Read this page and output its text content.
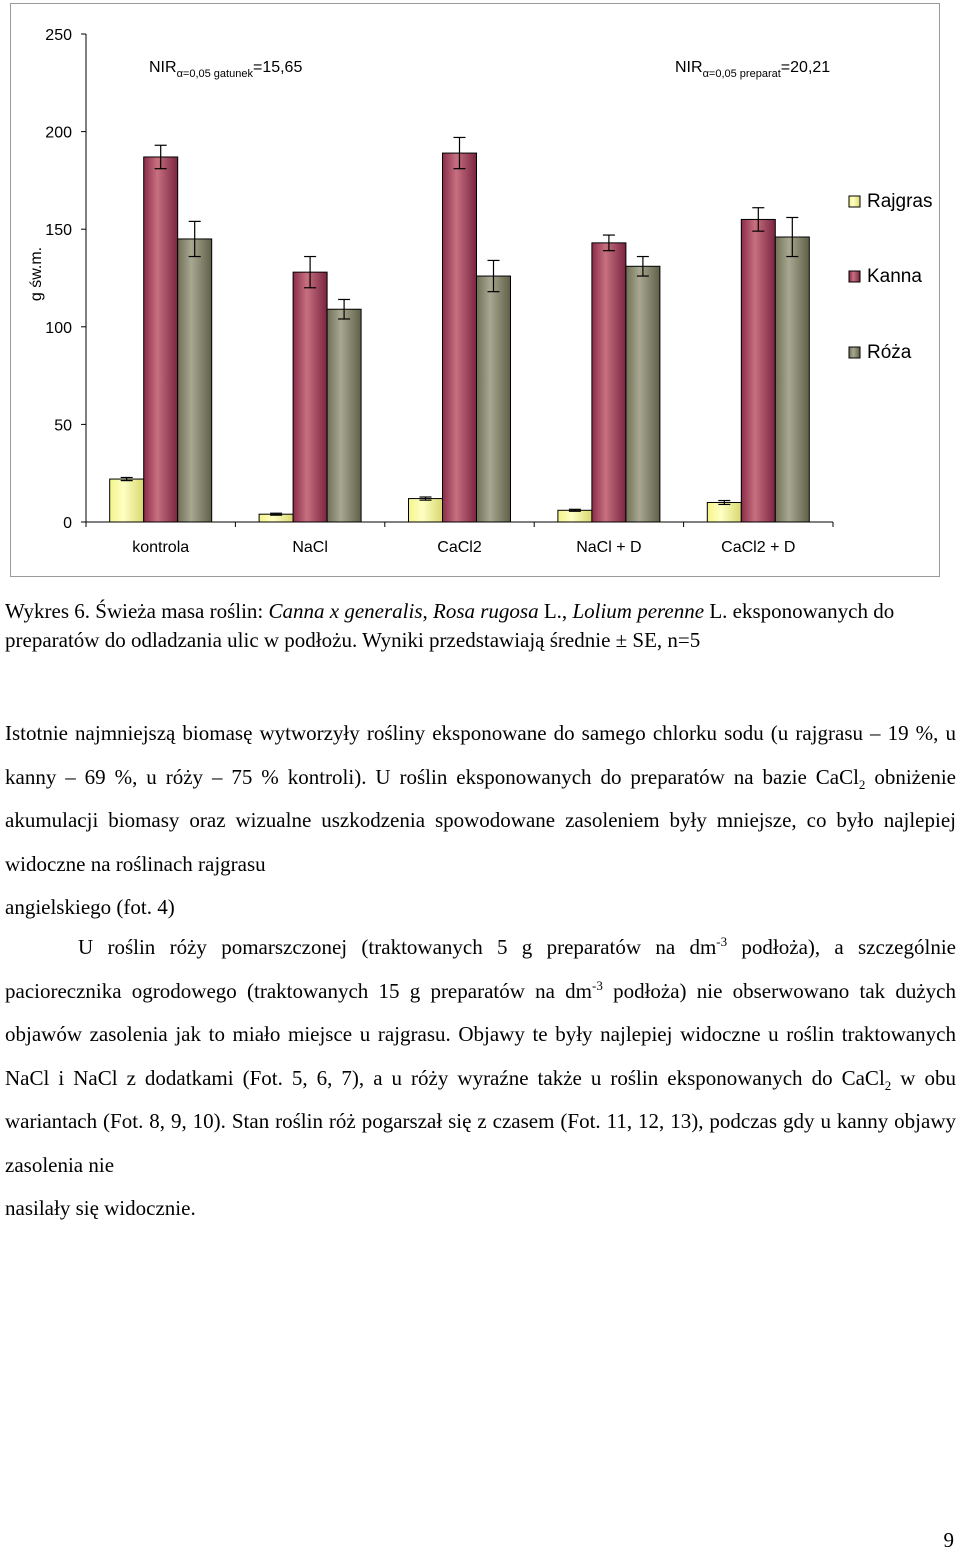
0
50
100
150
200
250
kontrola	NaCl	CaCl2	NaCl + D	CaCl2 + D
g św.m.
$NIR_{\alpha=0,05 gatunek}=15,65$	$NIR_{\alpha=0,05 preparat}=20,21$
Rajgras
Kanna
Róża
Wykres 6. Świeża masa roślin: Canna x generalis, Rosa rugosa L., Lolium perenne L. eksponowanych do preparatów do odladzania ulic w podłożu. Wyniki przedstawiają średnie ± SE, n=5
Istotnie najmniejszą biomasę wytworzyły rośliny eksponowane do samego chlorku sodu (u rajgrasu – 19 %, u kanny – 69 %, u róży – 75 % kontroli). U roślin eksponowanych do preparatów na bazie CaCl$_2$ obniżenie akumulacji biomasy oraz wizualne uszkodzenia spowodowane zasoleniem były mniejsze, co było najlepiej widoczne na roślinach rajgrasu
angielskiego (fot. 4)
U roślin róży pomarszczonej (traktowanych 5 g preparatów na $dm^{-3}$ podłoża), a szczególnie paciorecznika ogrodowego (traktowanych 15 g preparatów na $dm^{-3}$ podłoża) nie obserwowano tak dużych objawów zasolenia jak to miało miejsce u rajgrasu. Objawy te były najlepiej widoczne u roślin traktowanych NaCl i NaCl z dodatkami (Fot. 5, 6, 7), a u róży wyraźne także u roślin eksponowanych do CaCl$_2$ w obu wariantach (Fot. 8, 9, 10). Stan roślin róż pogarszał się z czasem (Fot. 11, 12, 13), podczas gdy u kanny objawy zasolenia nie
nasilały się widocznie.
9
